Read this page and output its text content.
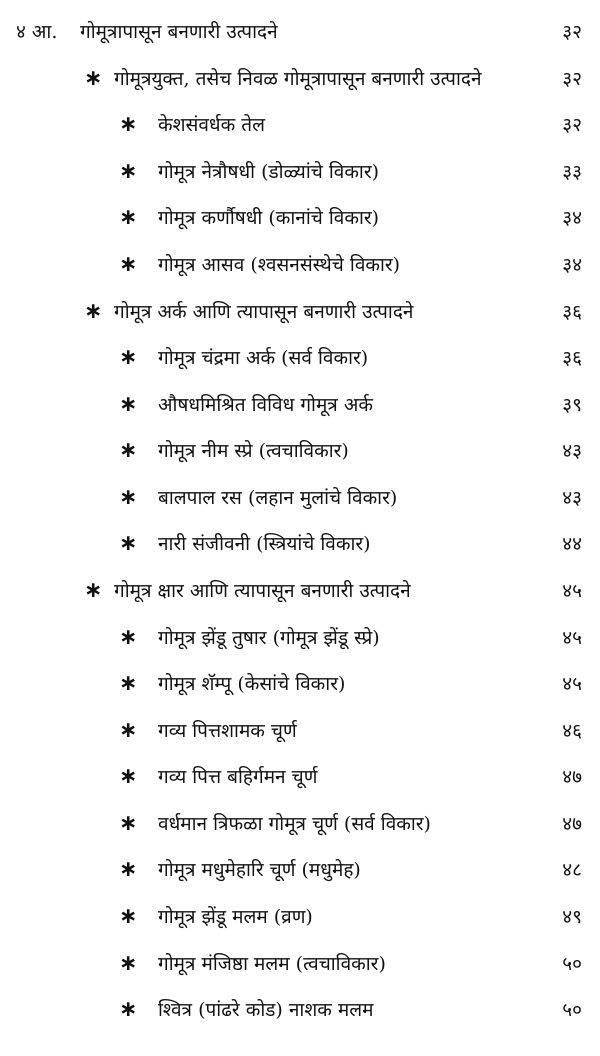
४ आ. गोमूत्रापासून बनणारी उत्पादने	३२
∗ गोमूत्रयुक्त, तसेच निवळ गोमूत्रापासून बनणारी उत्पादने	३२
∗ केशसंवर्धक तेल	३२
∗ गोमूत्र नेत्रौषधी (डोळ्यांचे विकार)	३३
∗ गोमूत्र कर्णौषधी (कानांचे विकार)	३४
∗ गोमूत्र आसव (श्‍वसनसंस्थेचे विकार)	३४
∗ गोमूत्र अर्क आणि त्यापासून बनणारी उत्पादने	३६
∗ गोमूत्र चंद्रमा अर्क (सर्व विकार)	३६
∗ औषधमिश्रित विविध गोमूत्र अर्क	३९
∗ गोमूत्र नीम स्प्रे (त्वचाविकार)	४३
∗ बालपाल रस (लहान मुलांचे विकार)	४३
∗ नारी संजीवनी (स्त्रियांचे विकार)	४४
∗ गोमूत्र क्षार आणि त्यापासून बनणारी उत्पादने	४५
∗ गोमूत्र झेंडू तुषार (गोमूत्र झेंडू स्प्रे)	४५
∗ गोमूत्र शॅम्पू (केसांचे विकार)	४५
∗ गव्य पित्तशामक चूर्ण	४६
∗ गव्य पित्त बहिर्गमन चूर्ण	४७
∗ वर्धमान त्रिफळा गोमूत्र चूर्ण (सर्व विकार)	४७
∗ गोमूत्र मधुमेहारि चूर्ण (मधुमेह)	४८
∗ गोमूत्र झेंडू मलम (व्रण)	४९
∗ गोमूत्र मंजिष्ठा मलम (त्वचाविकार)	५०
∗ श्‍वित्र (पांढरे कोड) नाशक मलम	५०
